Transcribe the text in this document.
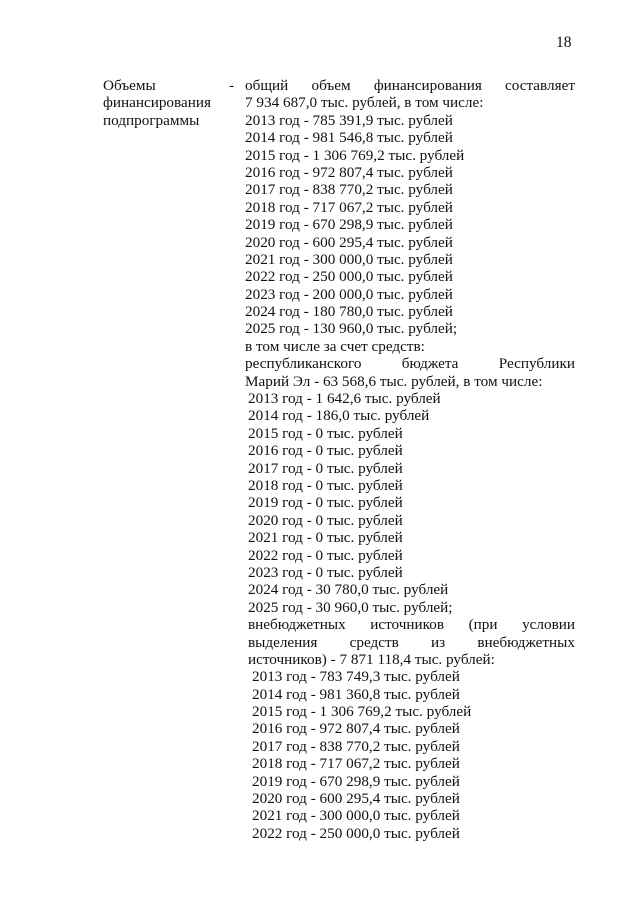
18
Объемы
финансирования
подпрограммы
- общий объем финансирования составляет
7 934 687,0 тыс. рублей, в том числе:
2013 год - 785 391,9 тыс. рублей
2014 год - 981 546,8 тыс. рублей
2015 год - 1 306 769,2 тыс. рублей
2016 год - 972 807,4 тыс. рублей
2017 год - 838 770,2 тыс. рублей
2018 год - 717 067,2 тыс. рублей
2019 год - 670 298,9 тыс. рублей
2020 год - 600 295,4 тыс. рублей
2021 год - 300 000,0 тыс. рублей
2022 год - 250 000,0 тыс. рублей
2023 год - 200 000,0 тыс. рублей
2024 год - 180 780,0 тыс. рублей
2025 год - 130 960,0 тыс. рублей;
в том числе за счет средств:
республиканского	бюджета	Республики
Марий Эл - 63 568,6 тыс. рублей, в том числе:
2013 год - 1 642,6 тыс. рублей
2014 год - 186,0 тыс. рублей
2015 год - 0 тыс. рублей
2016 год - 0 тыс. рублей
2017 год - 0 тыс. рублей
2018 год - 0 тыс. рублей
2019 год - 0 тыс. рублей
2020 год - 0 тыс. рублей
2021 год - 0 тыс. рублей
2022 год - 0 тыс. рублей
2023 год - 0 тыс. рублей
2024 год - 30 780,0 тыс. рублей
2025 год - 30 960,0 тыс. рублей;
внебюджетных источников (при условии
выделения средств из внебюджетных
источников) - 7 871 118,4 тыс. рублей:
2013 год - 783 749,3 тыс. рублей
2014 год - 981 360,8 тыс. рублей
2015 год - 1 306 769,2 тыс. рублей
2016 год - 972 807,4 тыс. рублей
2017 год - 838 770,2 тыс. рублей
2018 год - 717 067,2 тыс. рублей
2019 год - 670 298,9 тыс. рублей
2020 год - 600 295,4 тыс. рублей
2021 год - 300 000,0 тыс. рублей
2022 год - 250 000,0 тыс. рублей
